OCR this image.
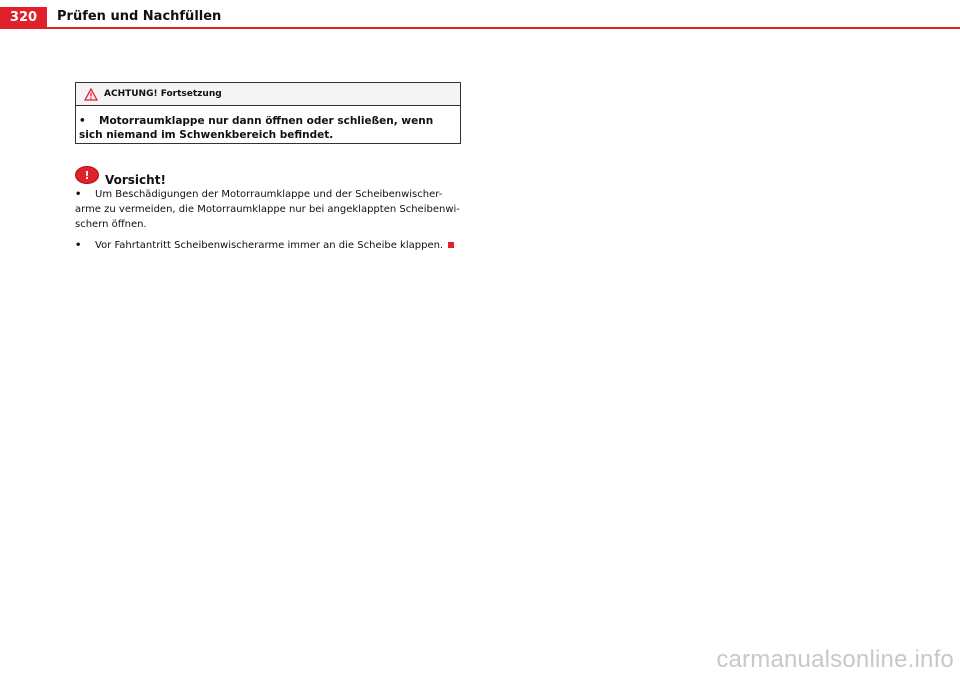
320	Prüfen und Nachfüllen
ACHTUNG! Fortsetzung
• Motorraumklappe nur dann öffnen oder schließen, wenn sich niemand im Schwenkbereich befindet.
!	Vorsicht!
• Um Beschädigungen der Motorraumklappe und der Scheibenwischer-arme zu vermeiden, die Motorraumklappe nur bei angeklappten Scheibenwi-schern öffnen.
• Vor Fahrtantritt Scheibenwischerarme immer an die Scheibe klappen.
carmanualsonline.info
